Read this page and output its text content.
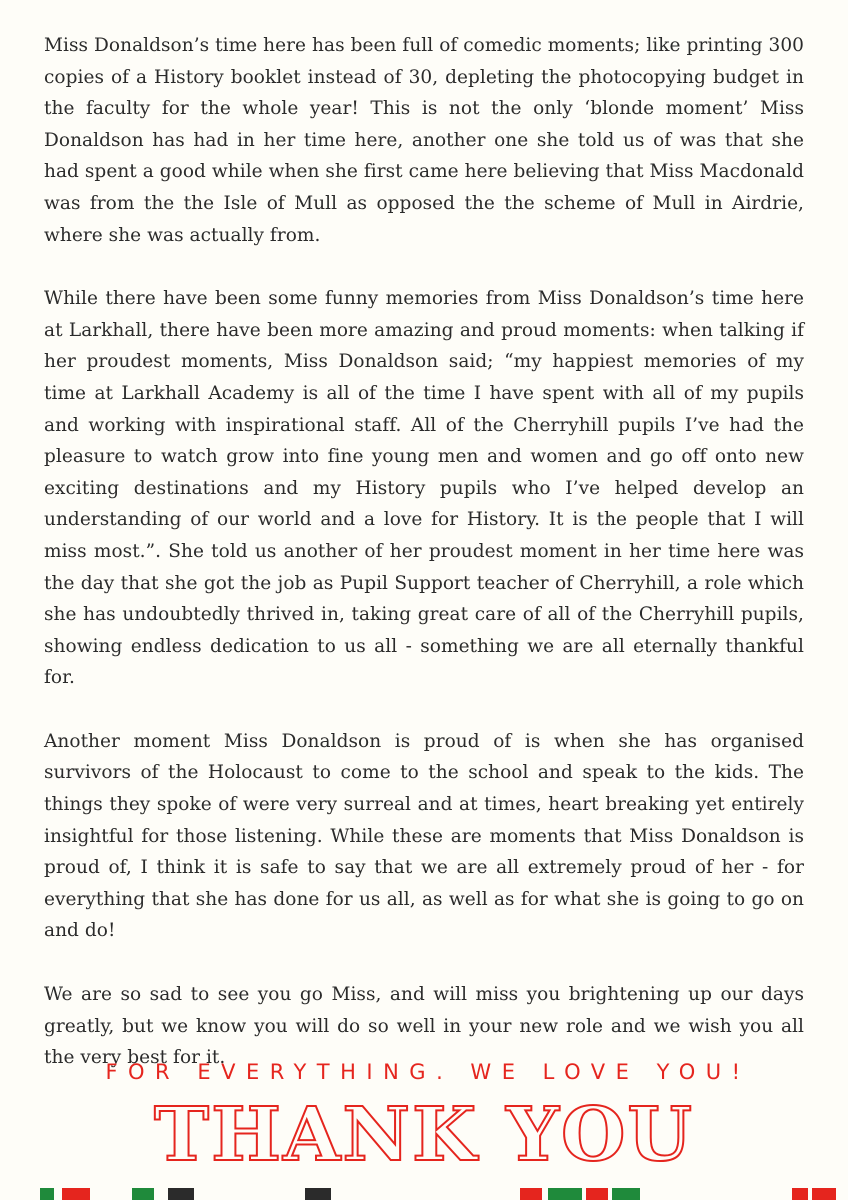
Miss Donaldson’s time here has been full of comedic moments; like printing 300 copies of a History booklet instead of 30, depleting the photocopying budget in the faculty for the whole year! This is not the only ‘blonde moment’ Miss Donaldson has had in her time here, another one she told us of was that she had spent a good while when she first came here believing that Miss Macdonald was from the the Isle of Mull as opposed the the scheme of Mull in Airdrie, where she was actually from.

While there have been some funny memories from Miss Donaldson’s time here at Larkhall, there have been more amazing and proud moments: when talking if her proudest moments, Miss Donaldson said; “my happiest memories of my time at Larkhall Academy is all of the time I have spent with all of my pupils and working with inspirational staff. All of the Cherryhill pupils I’ve had the pleasure to watch grow into fine young men and women and go off onto new exciting destinations and my History pupils who I’ve helped develop an understanding of our world and a love for History. It is the people that I will miss most.”. She told us another of her proudest moment in her time here was the day that she got the job as Pupil Support teacher of Cherryhill, a role which she has undoubtedly thrived in, taking great care of all of the Cherryhill pupils, showing endless dedication to us all - something we are all eternally thankful for.

Another moment Miss Donaldson is proud of is when she has organised survivors of the Holocaust to come to the school and speak to the kids. The things they spoke of were very surreal and at times, heart breaking yet entirely insightful for those listening. While these are moments that Miss Donaldson is proud of, I think it is safe to say that we are all extremely proud of her - for everything that she has done for us all, as well as for what she is going to go on and do!

We are so sad to see you go Miss, and will miss you brightening up our days greatly, but we know you will do so well in your new role and we wish you all the very best for it.

FOR EVERYTHING. WE LOVE YOU!
THANK YOU
